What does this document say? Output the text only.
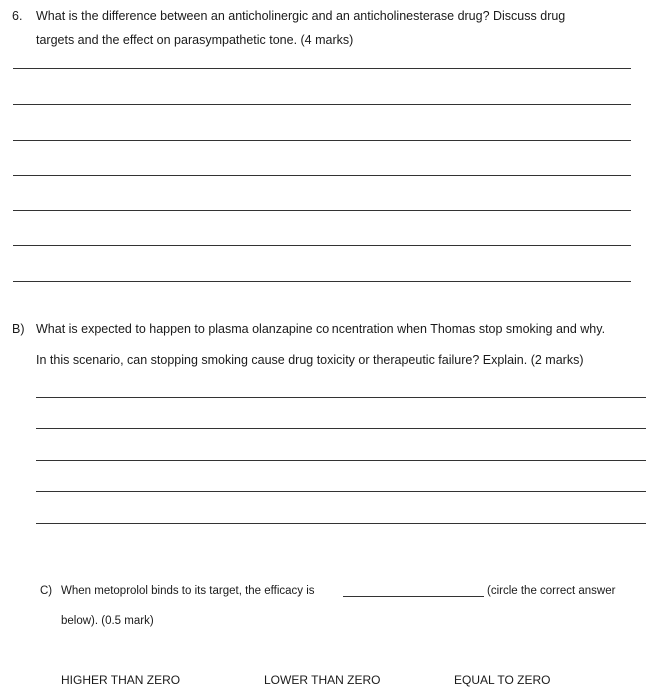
6. What is the difference between an anticholinergic and an anticholinesterase drug? Discuss drug
targets and the effect on parasympathetic tone. (4 marks)
B) What is expected to happen to plasma olanzapine co ncentration when Thomas stop smoking and why.
In this scenario, can stopping smoking cause drug toxicity or therapeutic failure? Explain. (2 marks)
C) When metoprolol binds to its target, the efficacy is	(circle the correct answer
below). (0.5 mark)
HIGHER THAN ZERO	LOWER THAN ZERO	EQUAL TO ZERO
